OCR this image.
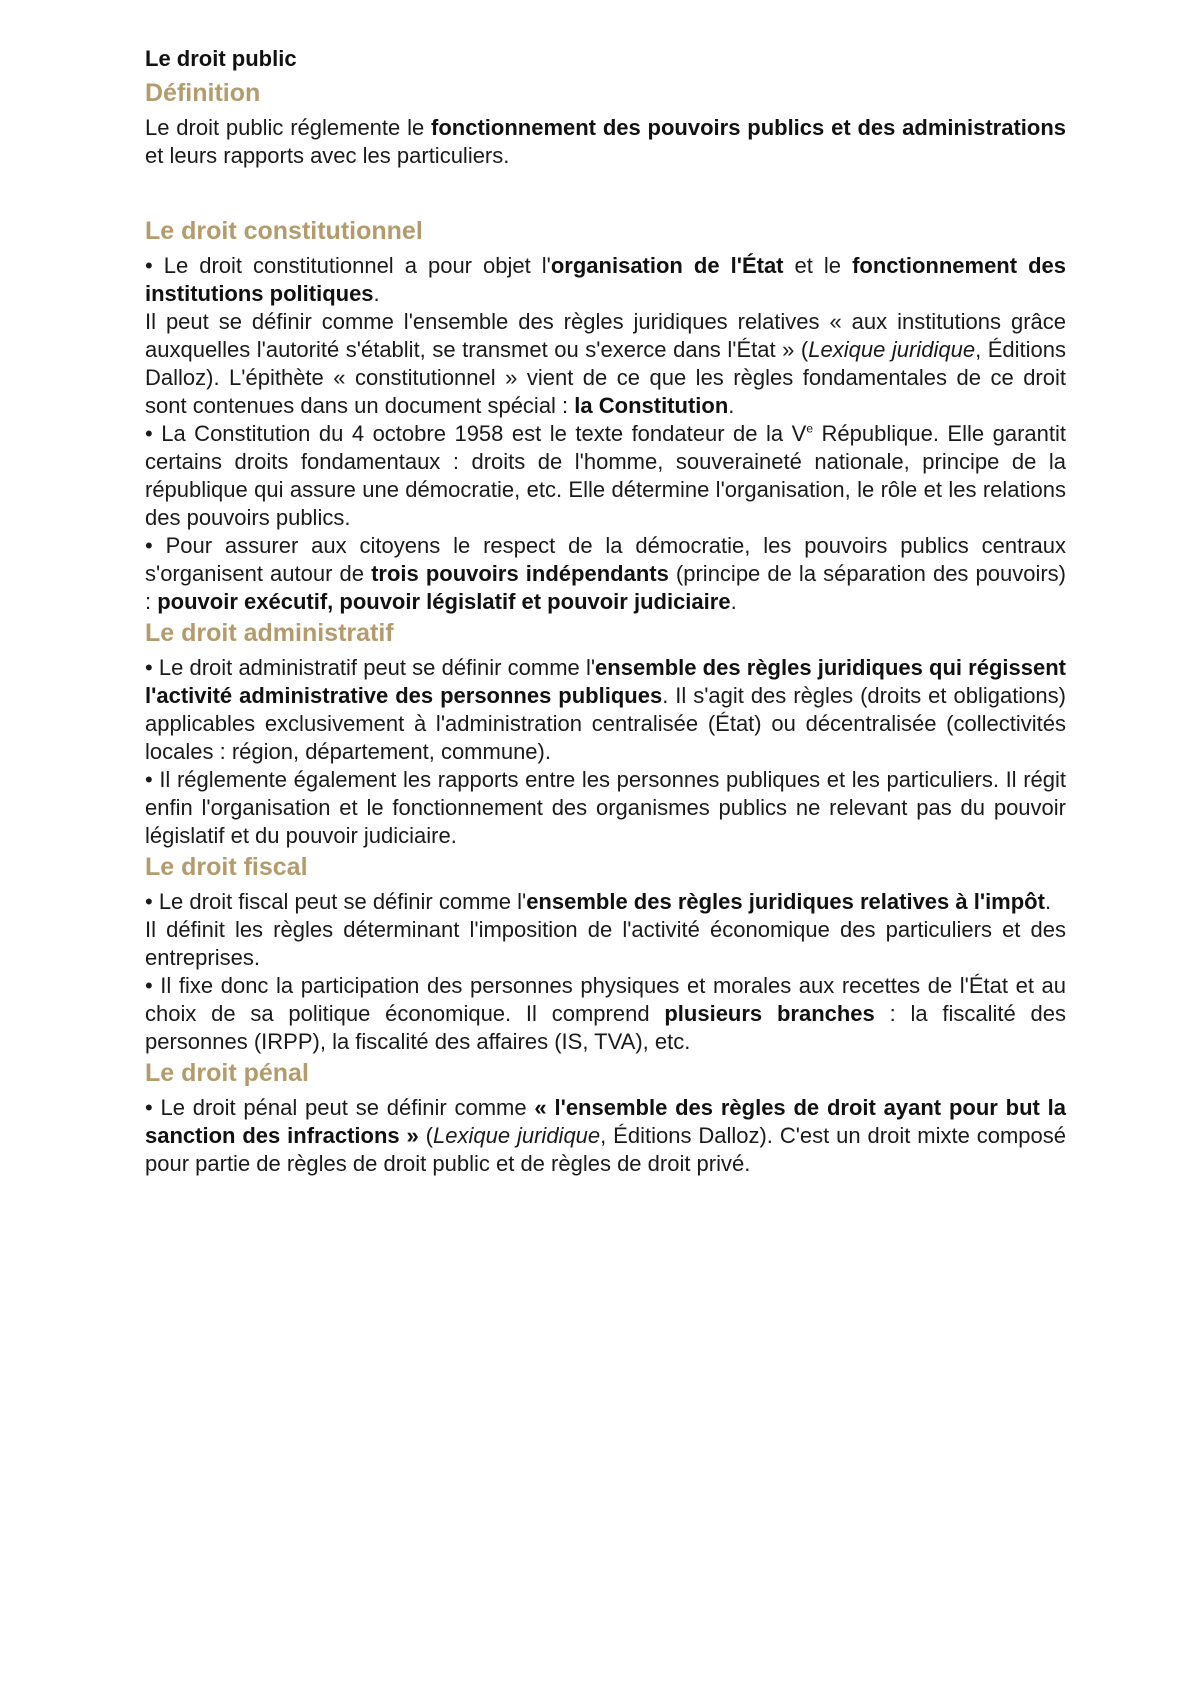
Le droit public
Définition

Le droit public réglemente le fonctionnement des pouvoirs publics et des administrations et leurs rapports avec les particuliers.

Le droit constitutionnel

• Le droit constitutionnel a pour objet l'organisation de l'État et le fonctionnement des institutions politiques.

Il peut se définir comme l'ensemble des règles juridiques relatives « aux institutions grâce auxquelles l'autorité s'établit, se transmet ou s'exerce dans l'État » (Lexique juridique, Éditions Dalloz). L'épithète « constitutionnel » vient de ce que les règles fondamentales de ce droit sont contenues dans un document spécial : la Constitution.

• La Constitution du 4 octobre 1958 est le texte fondateur de la Ve République. Elle garantit certains droits fondamentaux : droits de l'homme, souveraineté nationale, principe de la république qui assure une démocratie, etc. Elle détermine l'organisation, le rôle et les relations des pouvoirs publics.

• Pour assurer aux citoyens le respect de la démocratie, les pouvoirs publics centraux s'organisent autour de trois pouvoirs indépendants (principe de la séparation des pouvoirs) : pouvoir exécutif, pouvoir législatif et pouvoir judiciaire.

Le droit administratif

• Le droit administratif peut se définir comme l'ensemble des règles juridiques qui régissent l'activité administrative des personnes publiques. Il s'agit des règles (droits et obligations) applicables exclusivement à l'administration centralisée (État) ou décentralisée (collectivités locales : région, département, commune).

• Il réglemente également les rapports entre les personnes publiques et les particuliers. Il régit enfin l'organisation et le fonctionnement des organismes publics ne relevant pas du pouvoir législatif et du pouvoir judiciaire.

Le droit fiscal

• Le droit fiscal peut se définir comme l'ensemble des règles juridiques relatives à l'impôt.

Il définit les règles déterminant l'imposition de l'activité économique des particuliers et des entreprises.

• Il fixe donc la participation des personnes physiques et morales aux recettes de l'État et au choix de sa politique économique. Il comprend plusieurs branches : la fiscalité des personnes (IRPP), la fiscalité des affaires (IS, TVA), etc.

Le droit pénal

• Le droit pénal peut se définir comme « l'ensemble des règles de droit ayant pour but la sanction des infractions » (Lexique juridique, Éditions Dalloz). C'est un droit mixte composé pour partie de règles de droit public et de règles de droit privé.
